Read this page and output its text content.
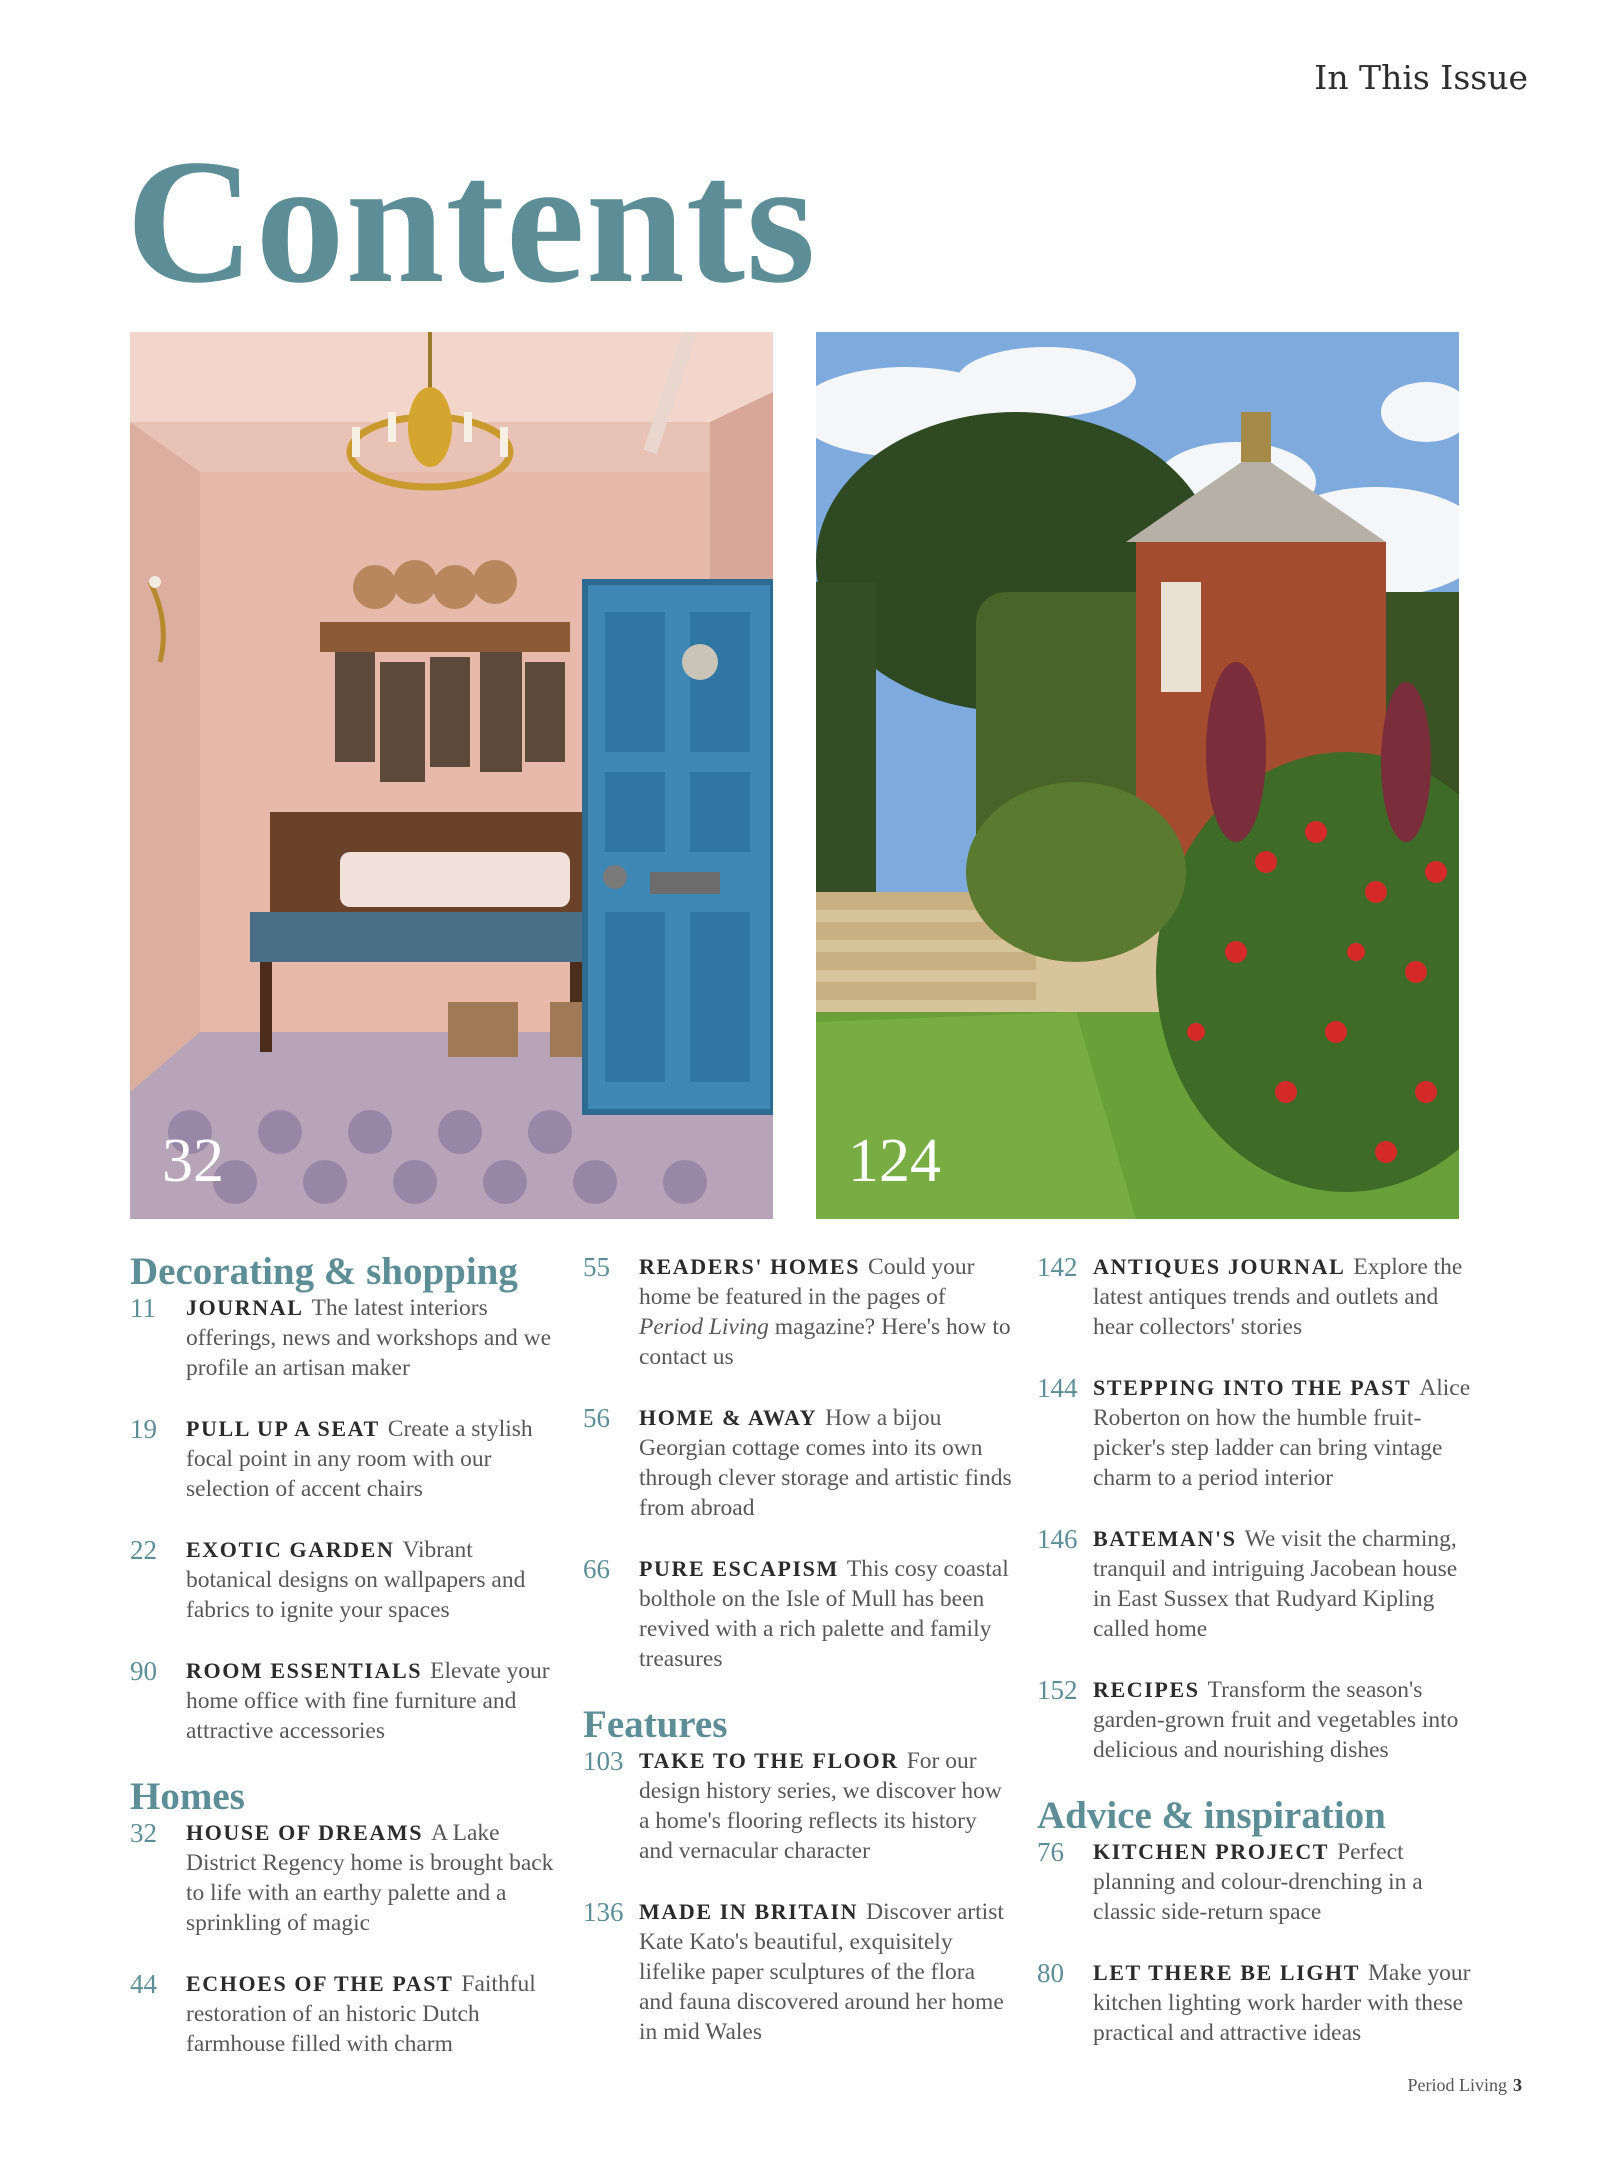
In This Issue
Contents
32	124
Decorating & shopping
11	JOURNAL The latest interiors offerings, news and workshops and we profile an artisan maker
19	PULL UP A SEAT Create a stylish focal point in any room with our selection of accent chairs
22	EXOTIC GARDEN Vibrant botanical designs on wallpapers and fabrics to ignite your spaces
90	ROOM ESSENTIALS Elevate your home office with fine furniture and attractive accessories
Homes
32	HOUSE OF DREAMS A Lake District Regency home is brought back to life with an earthy palette and a sprinkling of magic
44	ECHOES OF THE PAST Faithful restoration of an historic Dutch farmhouse filled with charm
55	READERS' HOMES Could your home be featured in the pages of Period Living magazine? Here's how to contact us
56	HOME & AWAY How a bijou Georgian cottage comes into its own through clever storage and artistic finds from abroad
66	PURE ESCAPISM This cosy coastal bolthole on the Isle of Mull has been revived with a rich palette and family treasures
Features
103 TAKE TO THE FLOOR For our design history series, we discover how a home's flooring reflects its history and vernacular character
136 MADE IN BRITAIN Discover artist Kate Kato's beautiful, exquisitely lifelike paper sculptures of the flora and fauna discovered around her home in mid Wales
142 ANTIQUES JOURNAL Explore the latest antiques trends and outlets and hear collectors' stories
144 STEPPING INTO THE PAST Alice Roberton on how the humble fruit-picker's step ladder can bring vintage charm to a period interior
146 BATEMAN'S We visit the charming, tranquil and intriguing Jacobean house in East Sussex that Rudyard Kipling called home
152 RECIPES Transform the season's garden-grown fruit and vegetables into delicious and nourishing dishes
Advice & inspiration
76	KITCHEN PROJECT Perfect planning and colour-drenching in a classic side-return space
80	LET THERE BE LIGHT Make your kitchen lighting work harder with these practical and attractive ideas
Period Living 3
